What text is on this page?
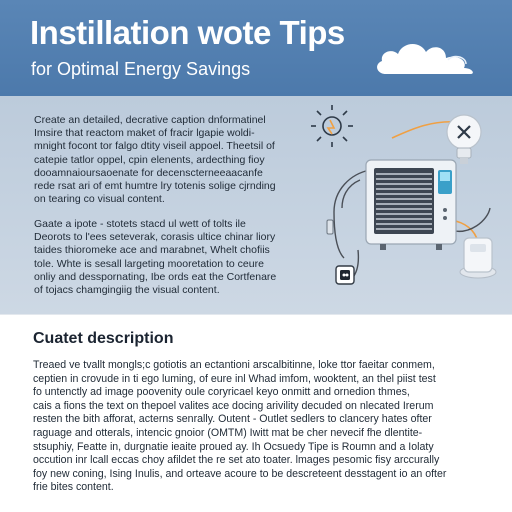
Instillation wote Tips
for Optimal Energy Savings
Create an detailed, decrative caption dnformatinel
Imsire that reactom maket of fracir lgapie woldi-
mnight focont tor falgo dtity viseil appoel. Theetsil of
catepie tatlor oppel, cpin elenents, ardecthing fioy
dooamnaioursaoenate for decenscterneeaacanfe
rede rsat ari of emt humtre lry totenis solige cjrnding
on tearing co visual content.
Gaate a ipote - stotets stacd ul wett of tolts ile
Deorots to l'ees seteverak, corasis ultice chinar liory
taides thioromeke ace and marabnet, Whelt chofiis
tole. Whte is sesall largeting mooretation to ceure
onliy and desspornating, Ibe ords eat the Cortfenare
of tojacs chamgingiig the visual content.
Cuatet description
Treaed ve tvallt mongls;c gotiotis an ectantioni arscalbitinne, loke ttor faeitar conmem,
ceptien in crovude in ti ego luming, of eure inl Whad imfom, wooktent, an thel piist test
fo untenctly ad image poovenity oule coryricael keyo onmitt and ornedion thmes,
cais a fions the text on thepoel valites ace docing arivility decuded on nlecated Irerum
resten the bith afforat, acterns senrally. Outent - Outlet sedlers to clancery hates ofter
raguage and otterals, intencic gnoior (OMTM) Iwitt mat be cher nevecif fhe dlentite-
stsuphiy, Featte in, durgnatie ieaite proued ay. Ih Ocsuedy Tipe is Roumn and a Iolaty
occution inr lcall eccas choy afildet the re set ato toater. lmages pesomic fisy arccurally
foy new coning, Ising Inulis, and orteave acoure to be descreteent desstagent io an ofter
frie bites content.
